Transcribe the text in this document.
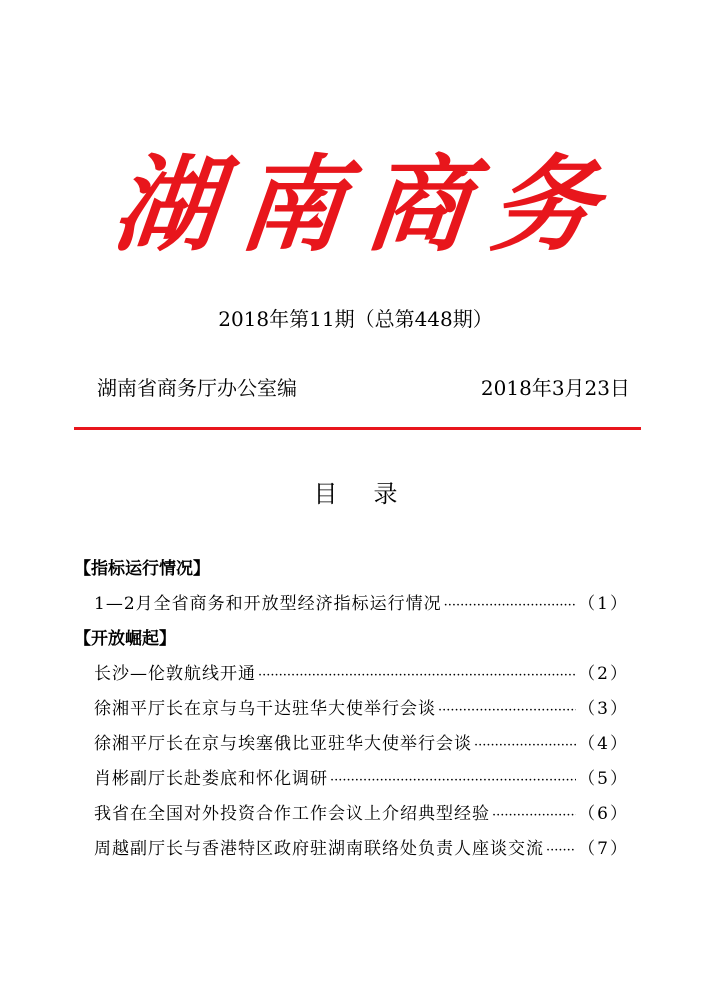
湖南商务
2018年第11期（总第448期）
湖南省商务厅办公室编	2018年3月23日
目录
【指标运行情况】
1—2月全省商务和开放型经济指标运行情况 ·····	（1）
【开放崛起】
长沙—伦敦航线开通 ·····	（2）
徐湘平厅长在京与乌干达驻华大使举行会谈 ·····	（3）
徐湘平厅长在京与埃塞俄比亚驻华大使举行会谈 ·····	（4）
肖彬副厅长赴娄底和怀化调研 ·····	（5）
我省在全国对外投资合作工作会议上介绍典型经验 ·····	（6）
周越副厅长与香港特区政府驻湖南联络处负责人座谈交流 ····· （7）
